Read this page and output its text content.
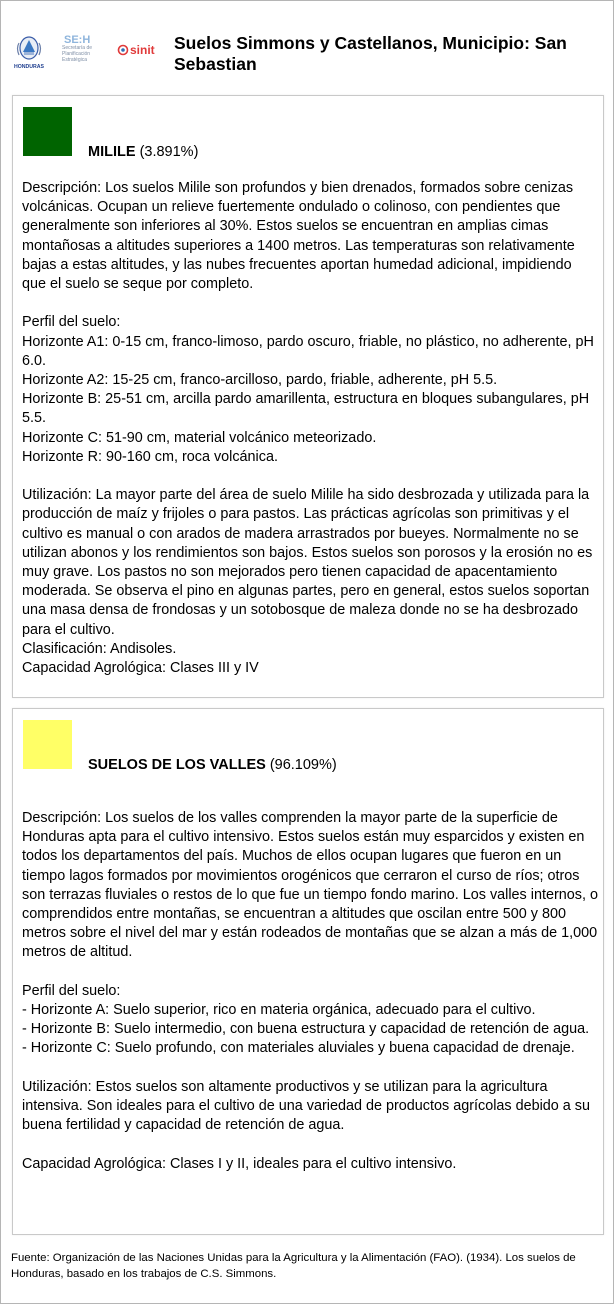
HONDURAS
SE:H
Secretaría de Planificación Estratégica
sinit Suelos Simmons y Castellanos, Municipio: San Sebastian
MILILE (3.891%)

Descripción: Los suelos Milile son profundos y bien drenados, formados sobre cenizas volcánicas. Ocupan un relieve fuertemente ondulado o colinoso, con pendientes que generalmente son inferiores al 30%. Estos suelos se encuentran en amplias cimas montañosas a altitudes superiores a 1400 metros. Las temperaturas son relativamente bajas a estas altitudes, y las nubes frecuentes aportan humedad adicional, impidiendo que el suelo se seque por completo.

Perfil del suelo:
Horizonte A1: 0-15 cm, franco-limoso, pardo oscuro, friable, no plástico, no adherente, pH 6.0.
Horizonte A2: 15-25 cm, franco-arcilloso, pardo, friable, adherente, pH 5.5.
Horizonte B: 25-51 cm, arcilla pardo amarillenta, estructura en bloques subangulares, pH 5.5.
Horizonte C: 51-90 cm, material volcánico meteorizado.
Horizonte R: 90-160 cm, roca volcánica.

Utilización: La mayor parte del área de suelo Milile ha sido desbrozada y utilizada para la producción de maíz y frijoles o para pastos. Las prácticas agrícolas son primitivas y el cultivo es manual o con arados de madera arrastrados por bueyes. Normalmente no se utilizan abonos y los rendimientos son bajos. Estos suelos son porosos y la erosión no es muy grave. Los pastos no son mejorados pero tienen capacidad de apacentamiento moderada. Se observa el pino en algunas partes, pero en general, estos suelos soportan una masa densa de frondosas y un sotobosque de maleza donde no se ha desbrozado para el cultivo.
Clasificación: Andisoles.
Capacidad Agrológica: Clases III y IV

SUELOS DE LOS VALLES (96.109%)

Descripción: Los suelos de los valles comprenden la mayor parte de la superficie de Honduras apta para el cultivo intensivo. Estos suelos están muy esparcidos y existen en todos los departamentos del país. Muchos de ellos ocupan lugares que fueron en un tiempo lagos formados por movimientos orogénicos que cerraron el curso de ríos; otros son terrazas fluviales o restos de lo que fue un tiempo fondo marino. Los valles internos, o comprendidos entre montañas, se encuentran a altitudes que oscilan entre 500 y 800 metros sobre el nivel del mar y están rodeados de montañas que se alzan a más de 1,000 metros de altitud.

Perfil del suelo:
- Horizonte A: Suelo superior, rico en materia orgánica, adecuado para el cultivo.
- Horizonte B: Suelo intermedio, con buena estructura y capacidad de retención de agua.
- Horizonte C: Suelo profundo, con materiales aluviales y buena capacidad de drenaje.

Utilización: Estos suelos son altamente productivos y se utilizan para la agricultura intensiva. Son ideales para el cultivo de una variedad de productos agrícolas debido a su buena fertilidad y capacidad de retención de agua.

Capacidad Agrológica: Clases I y II, ideales para el cultivo intensivo.

Fuente: Organización de las Naciones Unidas para la Agricultura y la Alimentación (FAO). (1934). Los suelos de Honduras, basado en los trabajos de C.S. Simmons.
